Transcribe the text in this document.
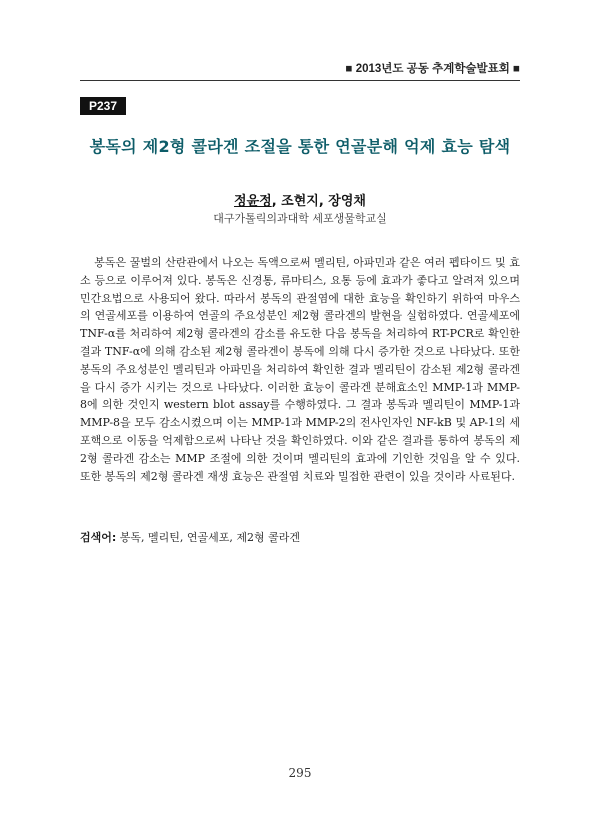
■ 2013년도 공동 추계학술발표회 ■
P237
봉독의 제2형 콜라겐 조절을 통한 연골분해 억제 효능 탐색
정윤정, 조현지, 장영채
대구가톨릭의과대학 세포생물학교실
봉독은 꿀벌의 산란관에서 나오는 독액으로써 멜리틴, 아파민과 같은 여러 펩타이드 및 효소 등으로 이루어져 있다. 봉독은 신경통, 류마티스, 요통 등에 효과가 좋다고 알려져 있으며 민간요법으로 사용되어 왔다. 따라서 봉독의 관절염에 대한 효능을 확인하기 위하여 마우스의 연골세포를 이용하여 연골의 주요성분인 제2형 콜라겐의 발현을 실험하였다. 연골세포에 TNF-α를 처리하여 제2형 콜라겐의 감소를 유도한 다음 봉독을 처리하여 RT-PCR로 확인한 결과 TNF-α에 의해 감소된 제2형 콜라겐이 봉독에 의해 다시 증가한 것으로 나타났다. 또한 봉독의 주요성분인 멜리틴과 아파민을 처리하여 확인한 결과 멜리틴이 감소된 제2형 콜라겐을 다시 증가 시키는 것으로 나타났다. 이러한 효능이 콜라겐 분해효소인 MMP-1과 MMP-8에 의한 것인지 western blot assay를 수행하였다. 그 결과 봉독과 멜리틴이 MMP-1과 MMP-8을 모두 감소시켰으며 이는 MMP-1과 MMP-2의 전사인자인 NF-kB 및 AP-1의 세포핵으로 이동을 억제함으로써 나타난 것을 확인하였다. 이와 같은 결과를 통하여 봉독의 제2형 콜라겐 감소는 MMP 조절에 의한 것이며 멜리틴의 효과에 기인한 것임을 알 수 있다. 또한 봉독의 제2형 콜라겐 재생 효능은 관절염 치료와 밀접한 관련이 있을 것이라 사료된다.
검색어: 봉독, 멜리틴, 연골세포, 제2형 콜라겐
295
